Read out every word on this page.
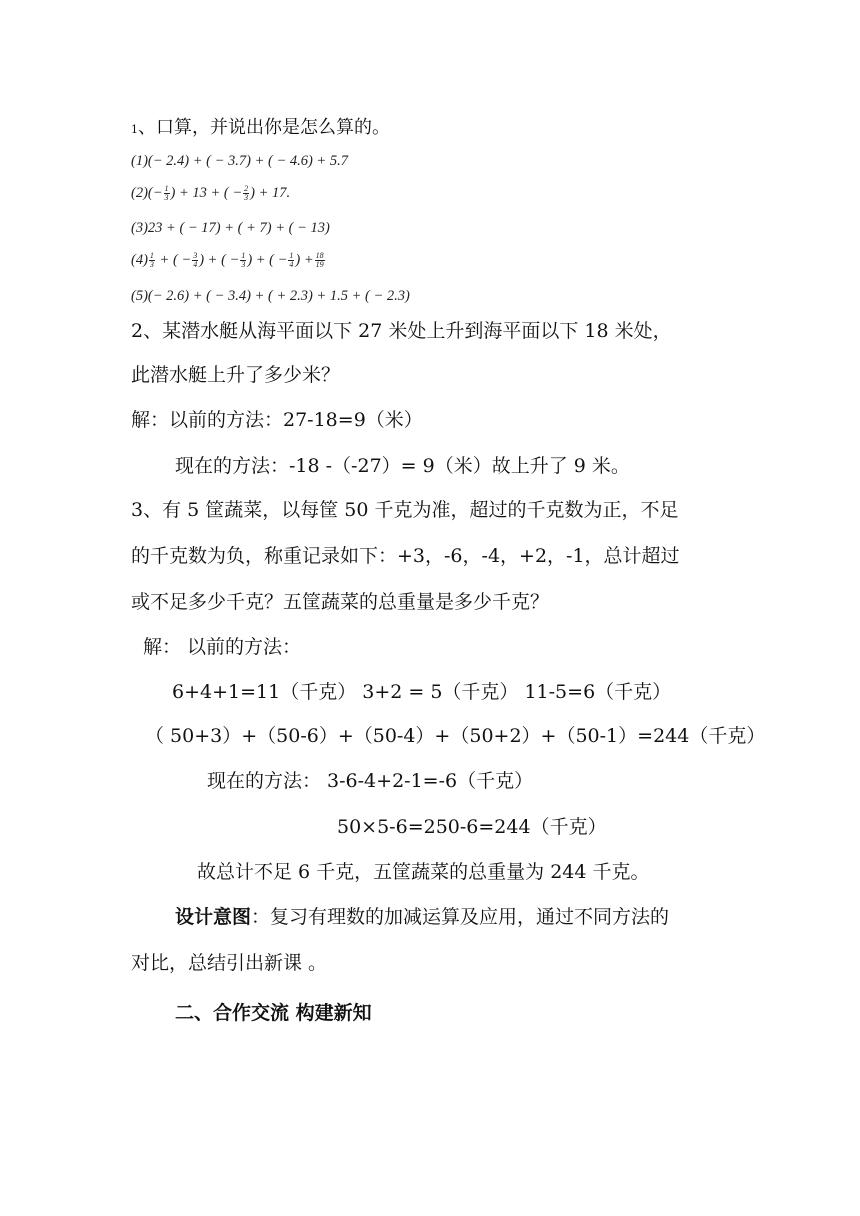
1、口算，并说出你是怎么算的。
(1)(− 2.4) + ( − 3.7) + ( − 4.6) + 5.7
$(2)(- \frac{1}{3}$ ) + 13 + ( − $\frac{2}{3}$ ) + 17.
(3)23 + ( − 17) + ( + 7) + ( − 13)
$(4) \frac{1}{3}$ + ( − $\frac{3}{4}$ ) + ( − $\frac{1}{3}$ ) + ( − $\frac{1}{4}$ ) + $\frac{18}{19}$
(5)(− 2.6) + ( − 3.4) + ( + 2.3) + 1.5 + ( − 2.3)
2、某潜水艇从海平面以下 27 米处上升到海平面以下 18 米处，
此潜水艇上升了多少米？
解：以前的方法：27-18=9（米）
现在的方法：-18 -（-27）= 9（米）故上升了 9 米。
3、有 5 筐蔬菜，以每筐 50 千克为准，超过的千克数为正，不足
的千克数为负，称重记录如下：+3，-6，-4，+2，-1，总计超过
或不足多少千克？五筐蔬菜的总重量是多少千克？
解： 以前的方法：
6+4+1=11（千克） 3+2 = 5（千克） 11-5=6（千克）
（ 50+3）+（50-6）+（50-4）+（50+2）+（50-1）=244（千克）
现在的方法： 3-6-4+2-1=-6（千克）
50×5-6=250-6=244（千克）
故总计不足 6 千克，五筐蔬菜的总重量为 244 千克。
设计意图：复习有理数的加减运算及应用，通过不同方法的
对比，总结引出新课 。
二、合作交流 构建新知
